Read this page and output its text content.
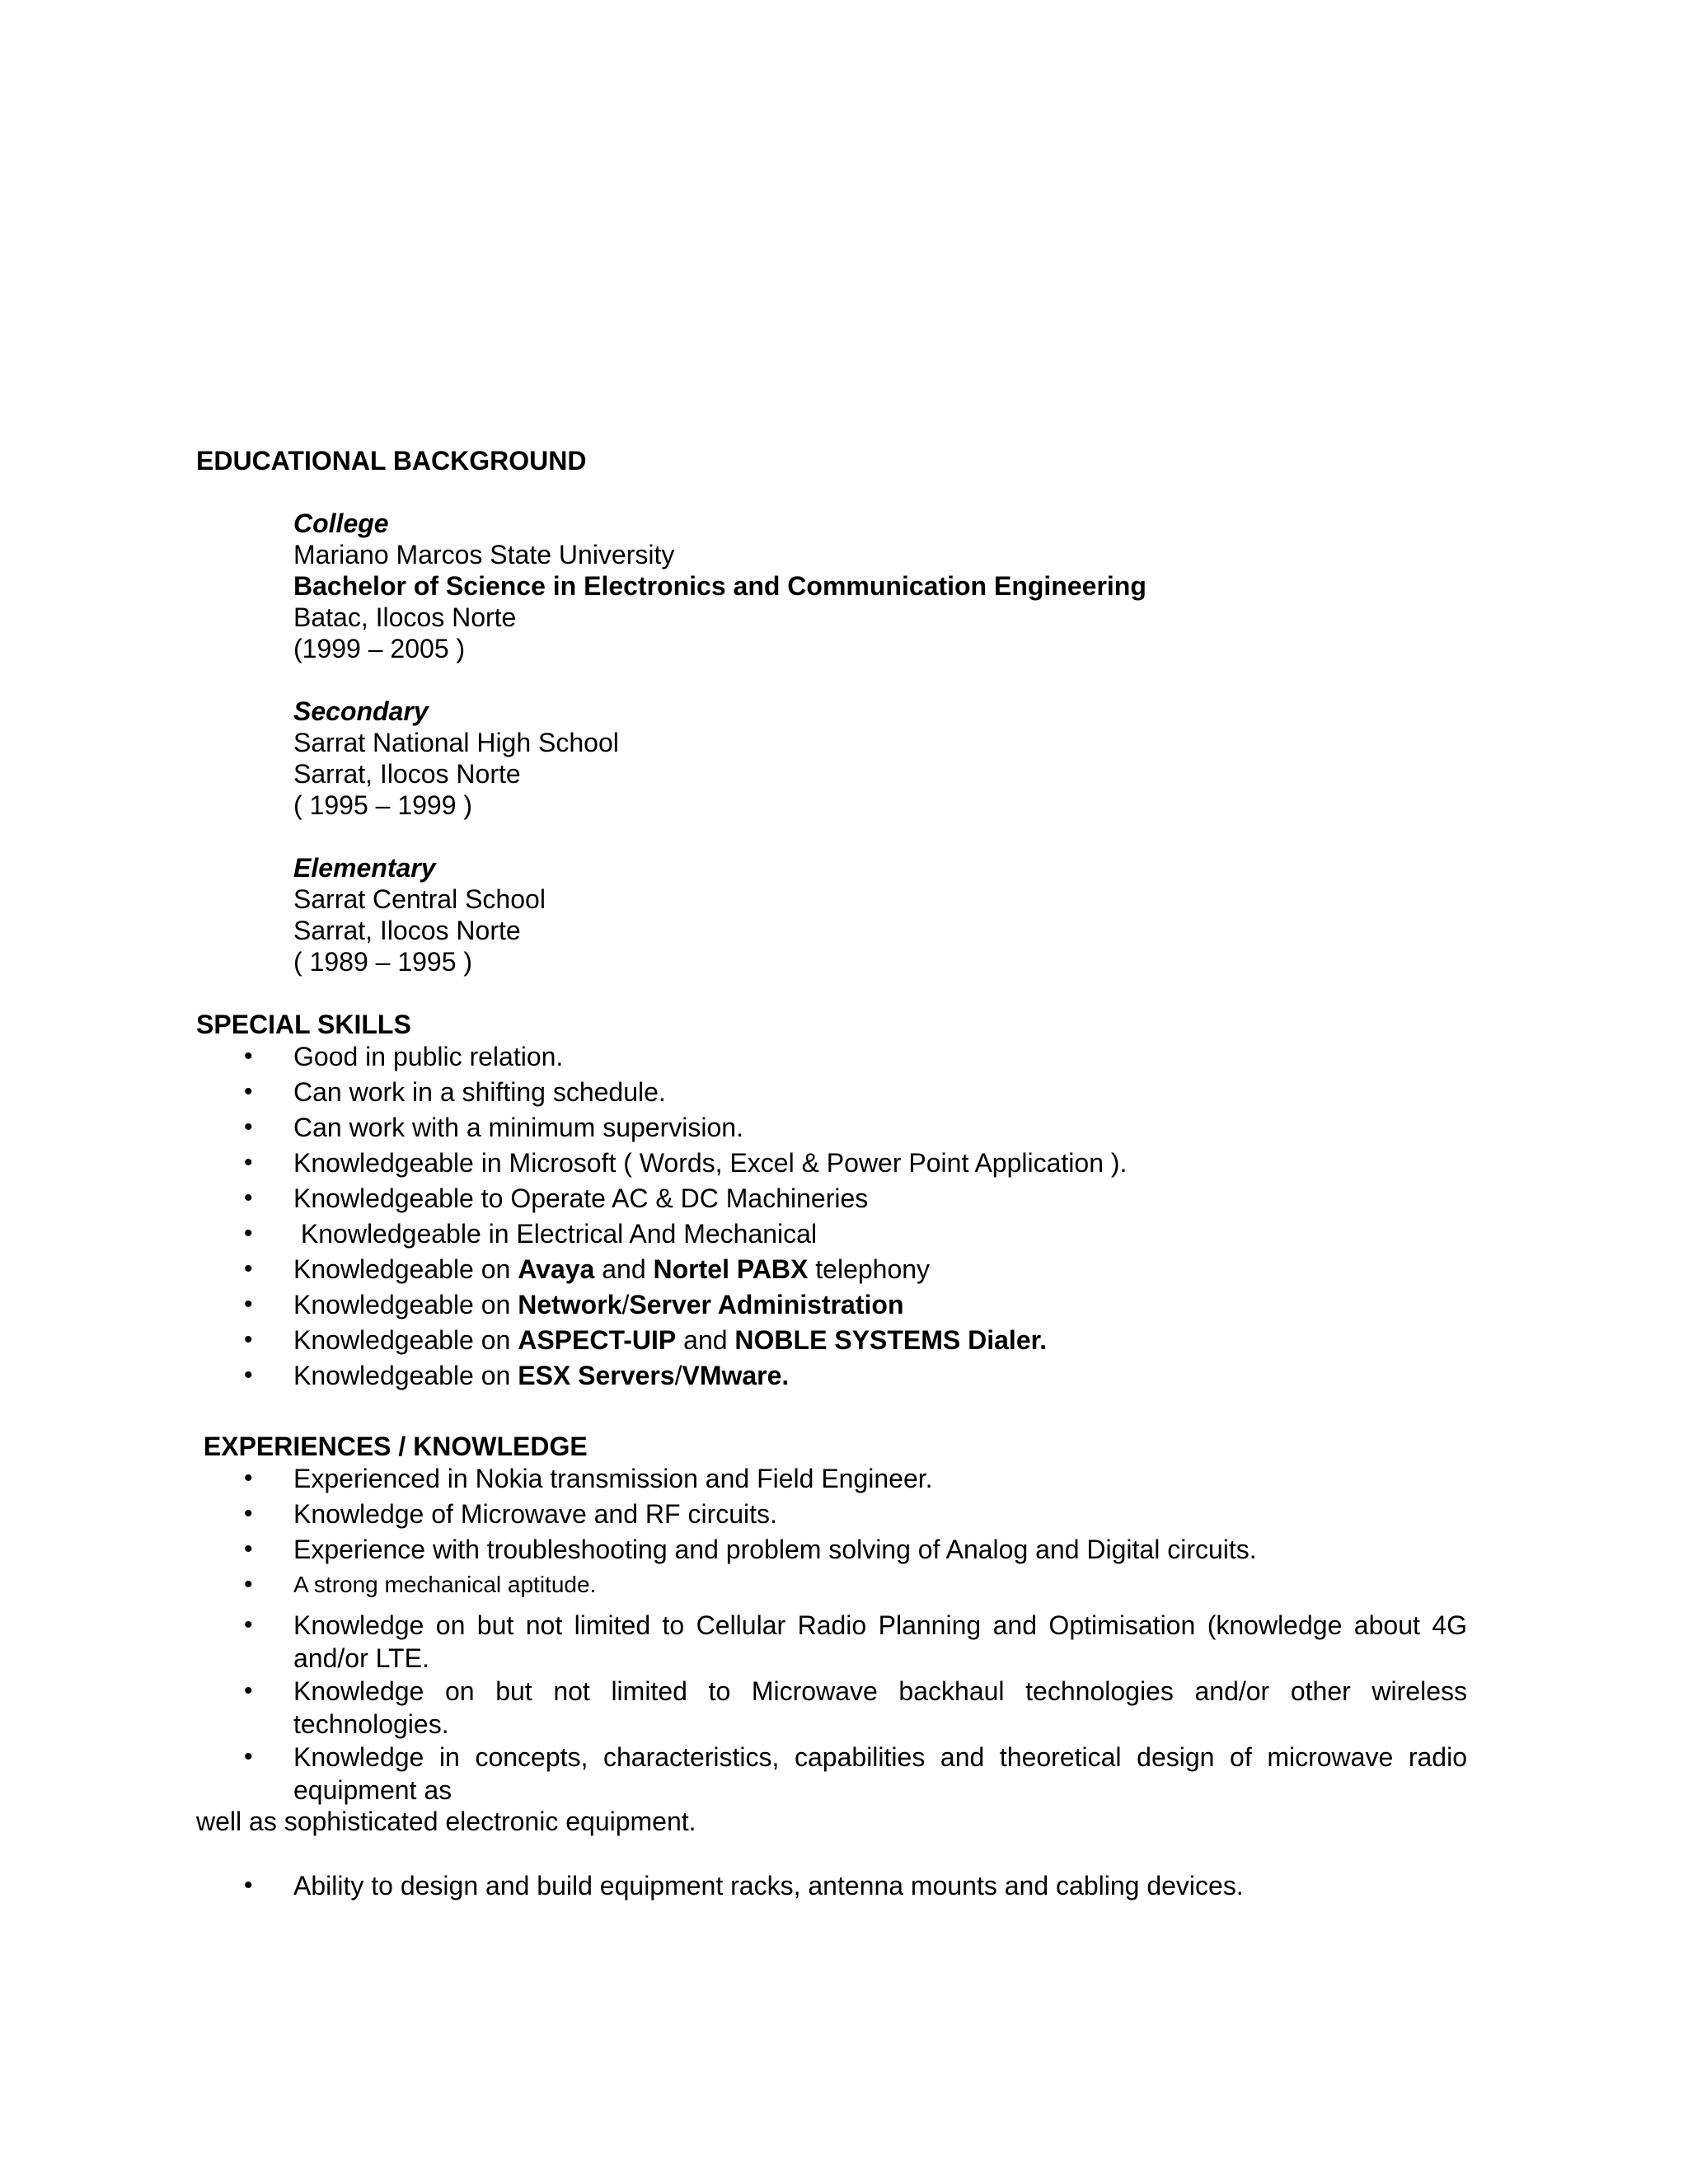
EDUCATIONAL BACKGROUND
College
Mariano Marcos State University
Bachelor of Science in Electronics and Communication Engineering
Batac, Ilocos Norte
(1999 – 2005 )
Secondary
Sarrat National High School
Sarrat, Ilocos Norte
( 1995 – 1999 )
Elementary
Sarrat Central School
Sarrat, Ilocos Norte
( 1989 – 1995 )
SPECIAL SKILLS
• Good in public relation.
• Can work in a shifting schedule.
• Can work with a minimum supervision.
• Knowledgeable in Microsoft ( Words, Excel & Power Point Application ).
• Knowledgeable to Operate AC & DC Machineries
• Knowledgeable in Electrical And Mechanical
• Knowledgeable on Avaya and Nortel PABX telephony
• Knowledgeable on Network/Server Administration
• Knowledgeable on ASPECT-UIP and NOBLE SYSTEMS Dialer.
• Knowledgeable on ESX Servers/VMware.
EXPERIENCES / KNOWLEDGE
• Experienced in Nokia transmission and Field Engineer.
• Knowledge of Microwave and RF circuits.
• Experience with troubleshooting and problem solving of Analog and Digital circuits.
• A strong mechanical aptitude.
• Knowledge on but not limited to Cellular Radio Planning and Optimisation (knowledge about 4G and/or LTE.
• Knowledge on but not limited to Microwave backhaul technologies and/or other wireless technologies.
• Knowledge in concepts, characteristics, capabilities and theoretical design of microwave radio equipment as
well as sophisticated electronic equipment.
• Ability to design and build equipment racks, antenna mounts and cabling devices.
